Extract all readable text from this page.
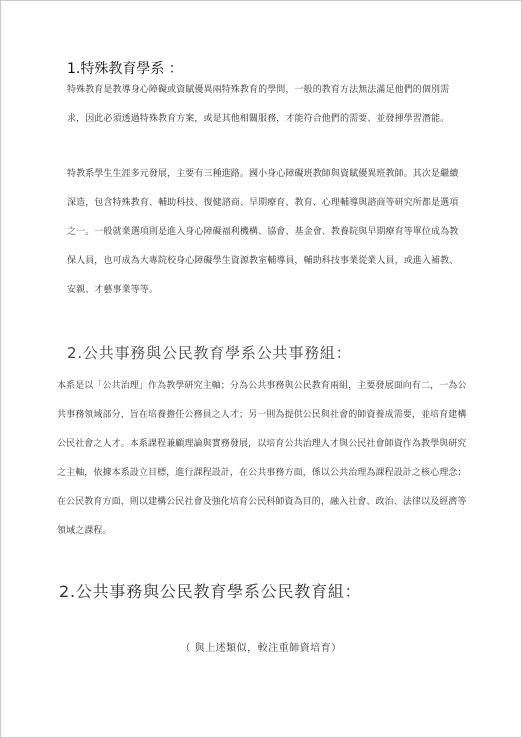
1.特殊教育學系 ：

特殊教育是教導身心障礙或資賦優異兩特殊教育的學問，一般的教育方法無法滿足他們的個別需求，因此必須透過特殊教育方案，或是其他相關服務，才能符合他們的需要、並發揮學習潛能。

特教系學生生涯多元發展，主要有三種進路。國小身心障礙班教師與資賦優異班教師。其次是繼續深造，包含特殊教育、輔助科技、復健諮商、早期療育、教育、心理輔導與諮商等研究所都是選項之一。一般就業選項則是進入身心障礙福利機構、協會、基金會、教養院與早期療育等單位成為教保人員，也可成為大專院校身心障礙學生資源教室輔導員，輔助科技事業從業人員，或進入補教、安親、才藝事業等等。

2.公共事務與公民教育學系公共事務組：

本系是以「公共治理」作為教學研究主軸；分為公共事務與公民教育兩組，主要發展面向有二，一為公共事務領域部分，旨在培養擔任公務員之人才；另一則為提供公民與社會的師資養成需要，並培育建構公民社會之人才。本系課程兼顧理論與實務發展，以培育公共治理人才與公民社會師資作為教學與研究之主軸，依據本系設立目標，進行課程設計，在公共事務方面，係以公共治理為課程設計之核心理念；在公民教育方面，則以建構公民社會及強化培育公民科師資為目的，融入社會、政治、法律以及經濟等領域之課程。

2.公共事務與公民教育學系公民教育組：
（ 與上述類似，較注重師資培育）
